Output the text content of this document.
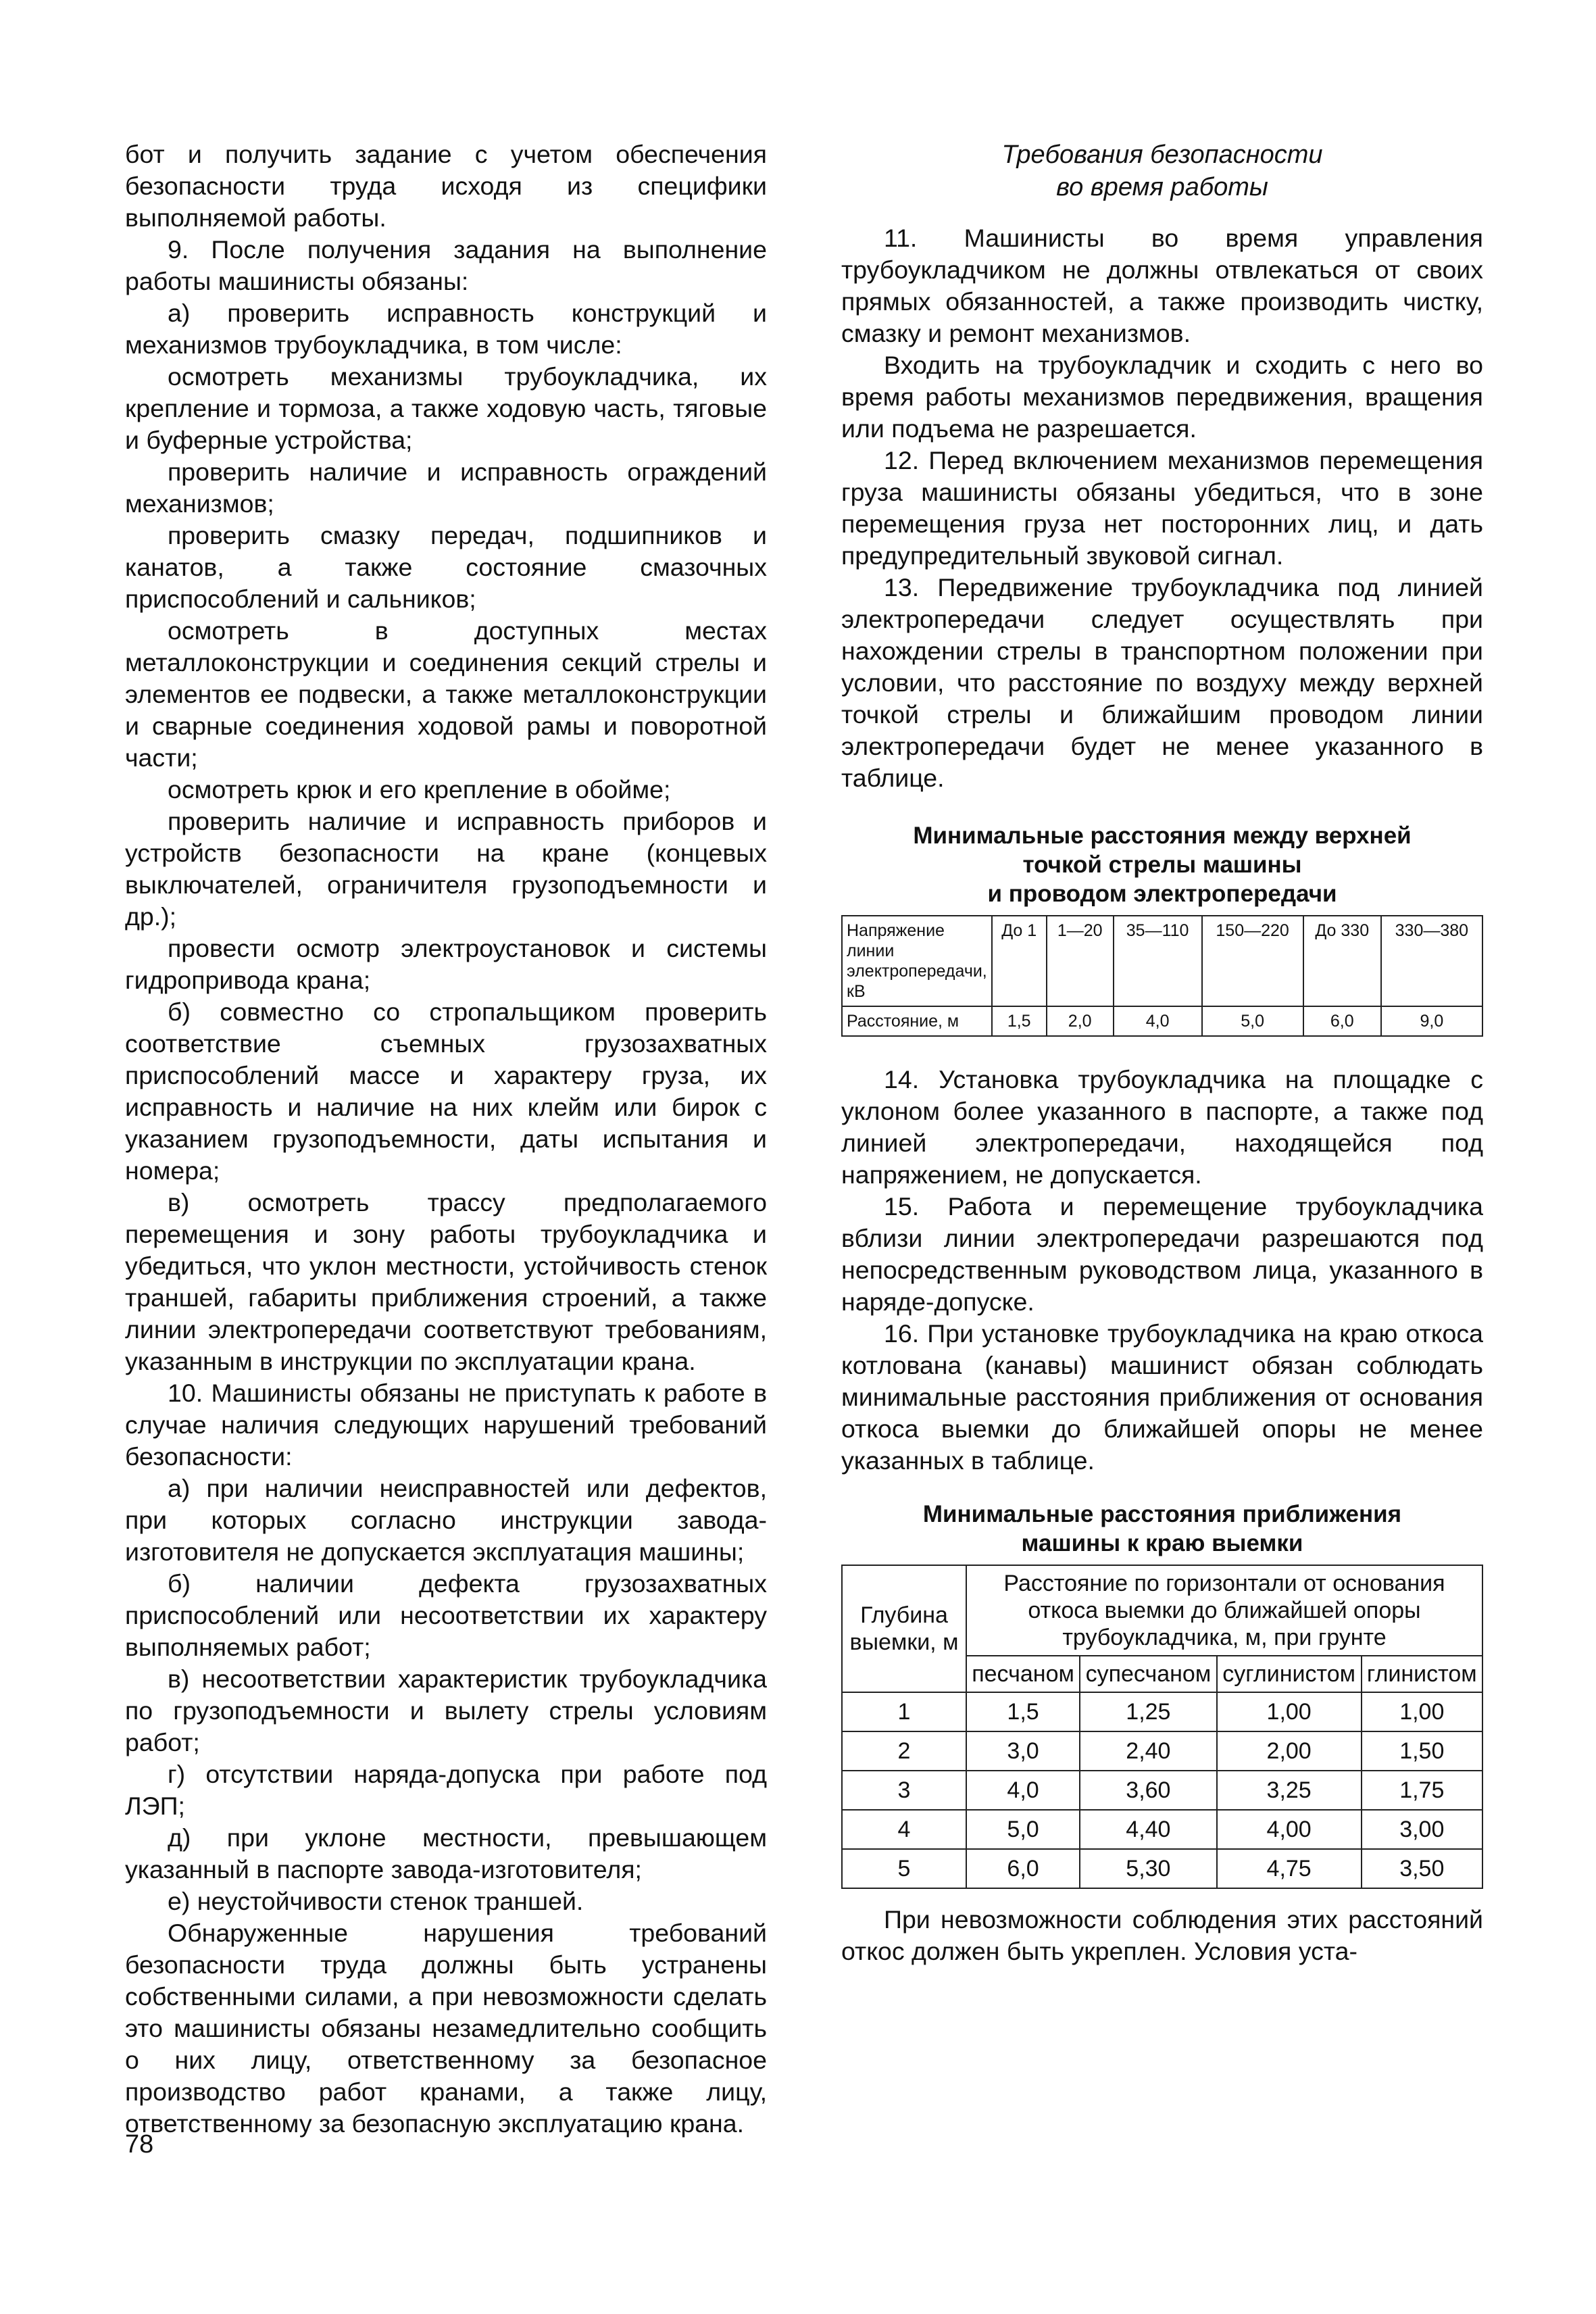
бот и получить задание с учетом обеспечения безопасности труда исходя из специфики выполняемой работы.

9. После получения задания на выполнение работы машинисты обязаны:

а) проверить исправность конструкций и механизмов трубоукладчика, в том числе:

осмотреть механизмы трубоукладчика, их крепление и тормоза, а также ходовую часть, тяговые и буферные устройства;

проверить наличие и исправность ограждений механизмов;

проверить смазку передач, подшипников и канатов, а также состояние смазочных приспособлений и сальников;

осмотреть в доступных местах металлоконструкции и соединения секций стрелы и элементов ее подвески, а также металлоконструкции и сварные соединения ходовой рамы и поворотной части;

осмотреть крюк и его крепление в обойме;

проверить наличие и исправность приборов и устройств безопасности на кране (концевых выключателей, ограничителя грузоподъемности и др.);

провести осмотр электроустановок и системы гидропривода крана;

б) совместно со стропальщиком проверить соответствие съемных грузозахватных приспособлений массе и характеру груза, их исправность и наличие на них клейм или бирок с указанием грузоподъемности, даты испытания и номера;

в) осмотреть трассу предполагаемого перемещения и зону работы трубоукладчика и убедиться, что уклон местности, устойчивость стенок траншей, габариты приближения строений, а также линии электропередачи соответствуют требованиям, указанным в инструкции по эксплуатации крана.

10. Машинисты обязаны не приступать к работе в случае наличия следующих нарушений требований безопасности:

а) при наличии неисправностей или дефектов, при которых согласно инструкции завода-изготовителя не допускается эксплуатация машины;

б) наличии дефекта грузозахватных приспособлений или несоответствии их характеру выполняемых работ;

в) несоответствии характеристик трубоукладчика по грузоподъемности и вылету стрелы условиям работ;

г) отсутствии наряда-допуска при работе под ЛЭП;

д) при уклоне местности, превышающем указанный в паспорте завода-изготовителя;

е) неустойчивости стенок траншей.

Обнаруженные нарушения требований безопасности труда должны быть устранены собственными силами, а при невозможности сделать это машинисты обязаны незамедлительно сообщить о них лицу, ответственному за безопасное производство работ кранами, а также лицу, ответственному за безопасную эксплуатацию крана.

Требования безопасности
во время работы

11. Машинисты во время управления трубоукладчиком не должны отвлекаться от своих прямых обязанностей, а также производить чистку, смазку и ремонт механизмов.

Входить на трубоукладчик и сходить с него во время работы механизмов передвижения, вращения или подъема не разрешается.

12. Перед включением механизмов перемещения груза машинисты обязаны убедиться, что в зоне перемещения груза нет посторонних лиц, и дать предупредительный звуковой сигнал.

13. Передвижение трубоукладчика под линией электропередачи следует осуществлять при нахождении стрелы в транспортном положении при условии, что расстояние по воздуху между верхней точкой стрелы и ближайшим проводом линии электропередачи будет не менее указанного в таблице.

Минимальные расстояния между верхней
точкой стрелы машины
и проводом электропередачи

Напряжение линии электропередачи, кВ	До 1	1—20	35—110	150—220	До 330	330—380
Расстояние, м	1,5	2,0	4,0	5,0	6,0	9,0

14. Установка трубоукладчика на площадке с уклоном более указанного в паспорте, а также под линией электропередачи, находящейся под напряжением, не допускается.

15. Работа и перемещение трубоукладчика вблизи линии электропередачи разрешаются под непосредственным руководством лица, указанного в наряде-допуске.

16. При установке трубоукладчика на краю откоса котлована (канавы) машинист обязан соблюдать минимальные расстояния приближения от основания откоса выемки до ближайшей опоры не менее указанных в таблице.

Минимальные расстояния приближения
машины к краю выемки

Глубина выемки, м	Расстояние по горизонтали от основания откоса выемки до ближайшей опоры трубоукладчика, м, при грунте			
	песчаном	супесчаном	суглинистом	глинистом
1	1,5	1,25	1,00	1,00
2	3,0	2,40	2,00	1,50
3	4,0	3,60	3,25	1,75
4	5,0	4,40	4,00	3,00
5	6,0	5,30	4,75	3,50

При невозможности соблюдения этих расстояний откос должен быть укреплен. Условия уста-

78
